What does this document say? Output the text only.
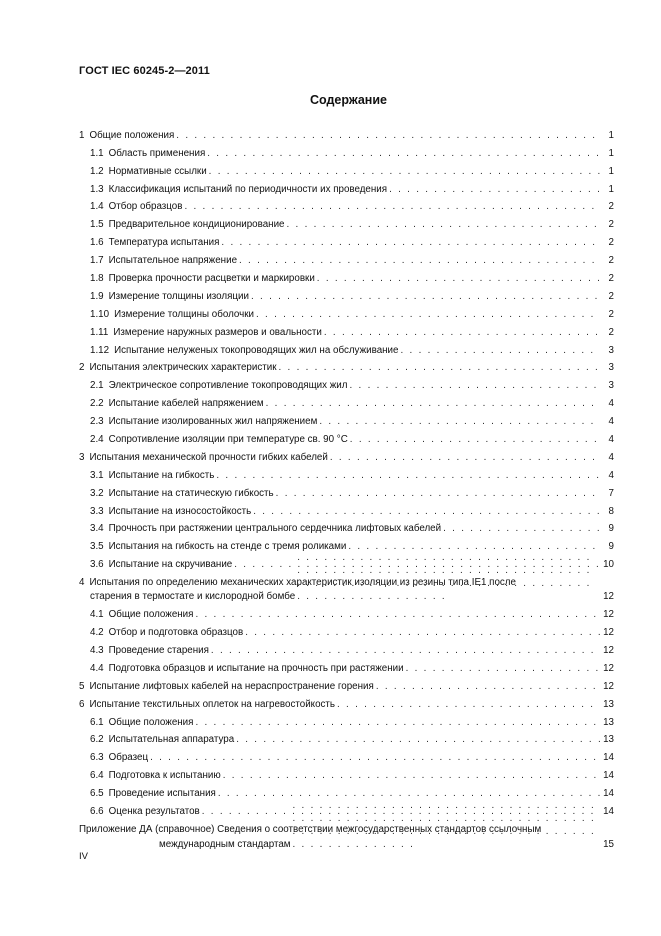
ГОСТ IEC 60245-2—2011
Содержание
1 Общие положения . . .	1
1.1 Область применения . . .	1
1.2 Нормативные ссылки . . .	1
1.3 Классификация испытаний по периодичности их проведения . . .	1
1.4 Отбор образцов . . .	2
1.5 Предварительное кондиционирование . . .	2
1.6 Температура испытания . . .	2
1.7 Испытательное напряжение . . .	2
1.8 Проверка прочности расцветки и маркировки . . .	2
1.9 Измерение толщины изоляции . . .	2
1.10 Измерение толщины оболочки . . .	2
1.11 Измерение наружных размеров и овальности . . .	2
1.12 Испытание нелуженых токопроводящих жил на обслуживание . . .	3
2 Испытания электрических характеристик . . .	3
2.1 Электрическое сопротивление токопроводящих жил . . .	3
2.2 Испытание кабелей напряжением . . .	4
2.3 Испытание изолированных жил напряжением . . .	4
2.4 Сопротивление изоляции при температуре св. 90 °С . . .	4
3 Испытания механической прочности гибких кабелей . . .	4
3.1 Испытание на гибкость . . .	4
3.2 Испытание на статическую гибкость . . .	7
3.3 Испытание на износостойкость . . .	8
3.4 Прочность при растяжении центрального сердечника лифтовых кабелей . . .	9
3.5 Испытания на гибкость на стенде с тремя роликами . . .	9
3.6 Испытание на скручивание . . .	10
4 Испытания по определению механических характеристик изоляции из резины типа IE1 после
старения в термостате и кислородной бомбе . . .	12
4.1 Общие положения . . .	12
4.2 Отбор и подготовка образцов . . .	12
4.3 Проведение старения . . .	12
4.4 Подготовка образцов и испытание на прочность при растяжении . . .	12
5 Испытание лифтовых кабелей на нераспространение горения . . .	12
6 Испытание текстильных оплеток на нагревостойкость . . .	13
6.1 Общие положения . . .	13
6.2 Испытательная аппаратура . . .	13
6.3 Образец . . .	14
6.4 Подготовка к испытанию . . .	14
6.5 Проведение испытания . . .	14
6.6 Оценка результатов . . .	14
Приложение ДА (справочное) Сведения о соответствии межгосударственных стандартов ссылочным
международным стандартам . . .	15
IV
